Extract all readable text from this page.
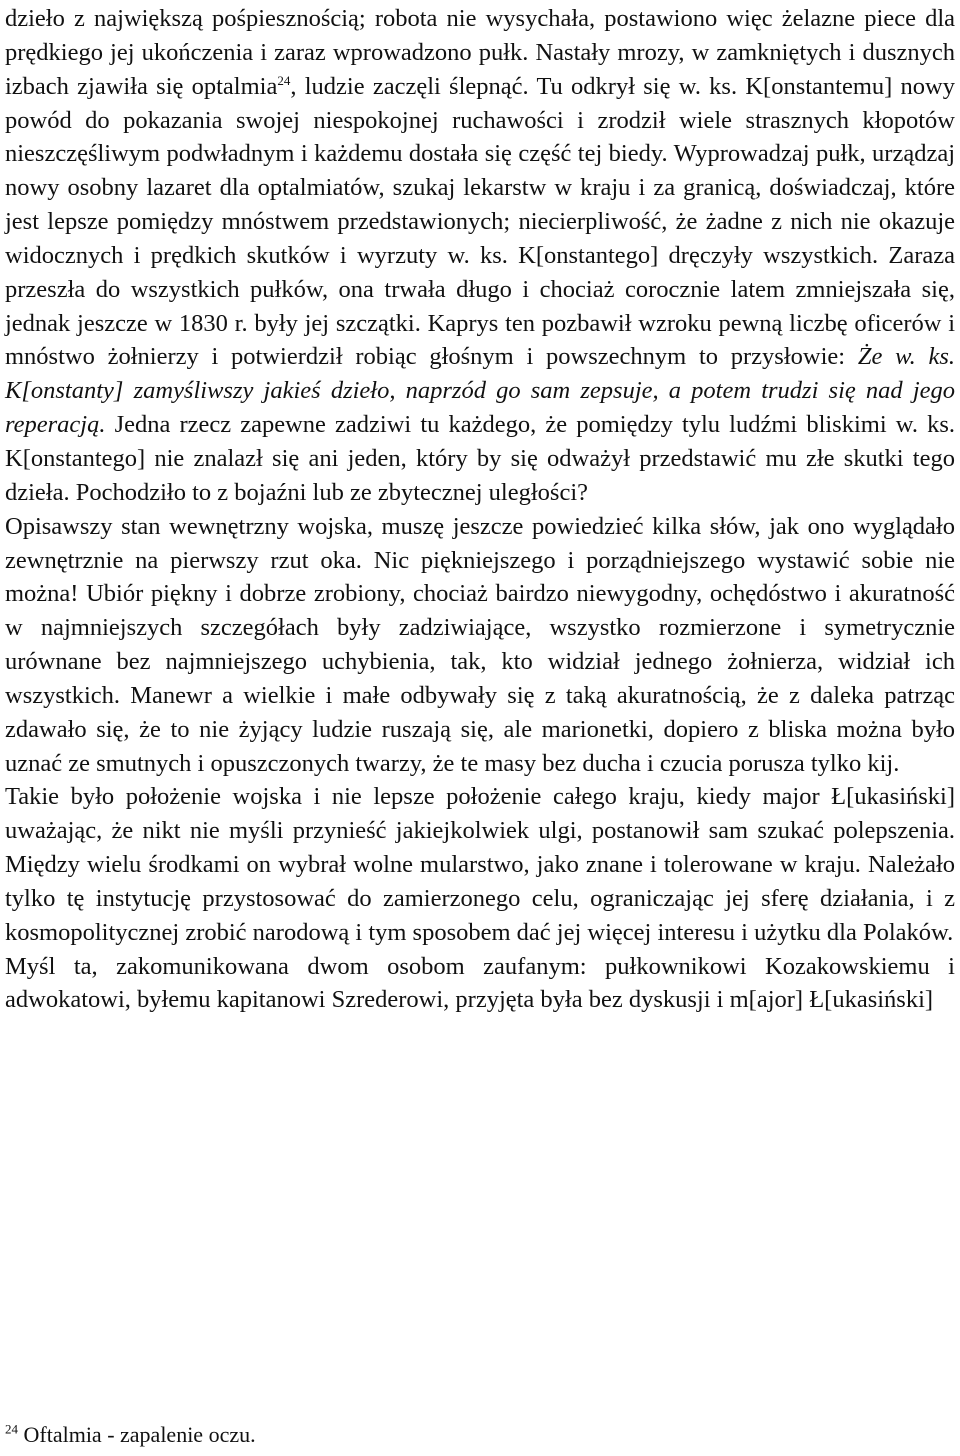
dzieło z największą pośpiesznością; robota nie wysychała, postawiono więc żelazne piece dla prędkiego jej ukończenia i zaraz wprowadzono pułk. Nastały mrozy, w zamkniętych i dusznych izbach zjawiła się optalmia$^{24}$, ludzie zaczęli ślepnąć. Tu odkrył się w. ks. K[onstantemu] nowy powód do pokazania swojej niespokojnej ruchawości i zrodził wiele strasznych kłopotów nieszczęśliwym podwładnym i każdemu dostała się część tej biedy. Wyprowadzaj pułk, urządzaj nowy osobny lazaret dla optalmiatów, szukaj lekarstw w kraju i za granicą, doświadczaj, które jest lepsze pomiędzy mnóstwem przedstawionych; niecierpliwość, że żadne z nich nie okazuje widocznych i prędkich skutków i wyrzuty w. ks. K[onstantego] dręczyły wszystkich. Zaraza przeszła do wszystkich pułków, ona trwała długo i chociaż corocznie latem zmniejszała się, jednak jeszcze w 1830 r. były jej szczątki. Kaprys ten pozbawił wzroku pewną liczbę oficerów i mnóstwo żołnierzy i potwierdził robiąc głośnym i powszechnym to przysłowie: Że w. ks. K[onstanty] zamyśliwszy jakieś dzieło, naprzód go sam zepsuje, a potem trudzi się nad jego reperacją. Jedna rzecz zapewne zadziwi tu każdego, że pomiędzy tylu ludźmi bliskimi w. ks. K[onstantego] nie znalazł się ani jeden, który by się odważył przedstawić mu złe skutki tego dzieła. Pochodziło to z bojaźni lub ze zbytecznej uległości?

Opisawszy stan wewnętrzny wojska, muszę jeszcze powiedzieć kilka słów, jak ono wyglądało zewnętrznie na pierwszy rzut oka. Nic piękniejszego i porządniejszego wystawić sobie nie można! Ubiór piękny i dobrze zrobiony, chociaż bairdzo niewygodny, ochędóstwo i akuratność w najmniejszych szczegółach były zadziwiające, wszystko rozmierzone i symetrycznie urównane bez najmniejszego uchybienia, tak, kto widział jednego żołnierza, widział ich wszystkich. Manewr a wielkie i małe odbywały się z taką akuratnością, że z daleka patrząc zdawało się, że to nie żyjący ludzie ruszają się, ale marionetki, dopiero z bliska można było uznać ze smutnych i opuszczonych twarzy, że te masy bez ducha i czucia porusza tylko kij.

Takie było położenie wojska i nie lepsze położenie całego kraju, kiedy major Ł[ukasiński] uważając, że nikt nie myśli przynieść jakiejkolwiek ulgi, postanowił sam szukać polepszenia. Między wielu środkami on wybrał wolne mularstwo, jako znane i tolerowane w kraju. Należało tylko tę instytucję przystosować do zamierzonego celu, ograniczając jej sferę działania, i z kosmopolitycznej zrobić narodową i tym sposobem dać jej więcej interesu i użytku dla Polaków.

Myśl ta, zakomunikowana dwom osobom zaufanym: pułkownikowi Kozakowskiemu i adwokatowi, byłemu kapitanowi Szrederowi, przyjęta była bez dyskusji i m[ajor] Ł[ukasiński]

$^{24}$ Oftalmia - zapalenie oczu.
